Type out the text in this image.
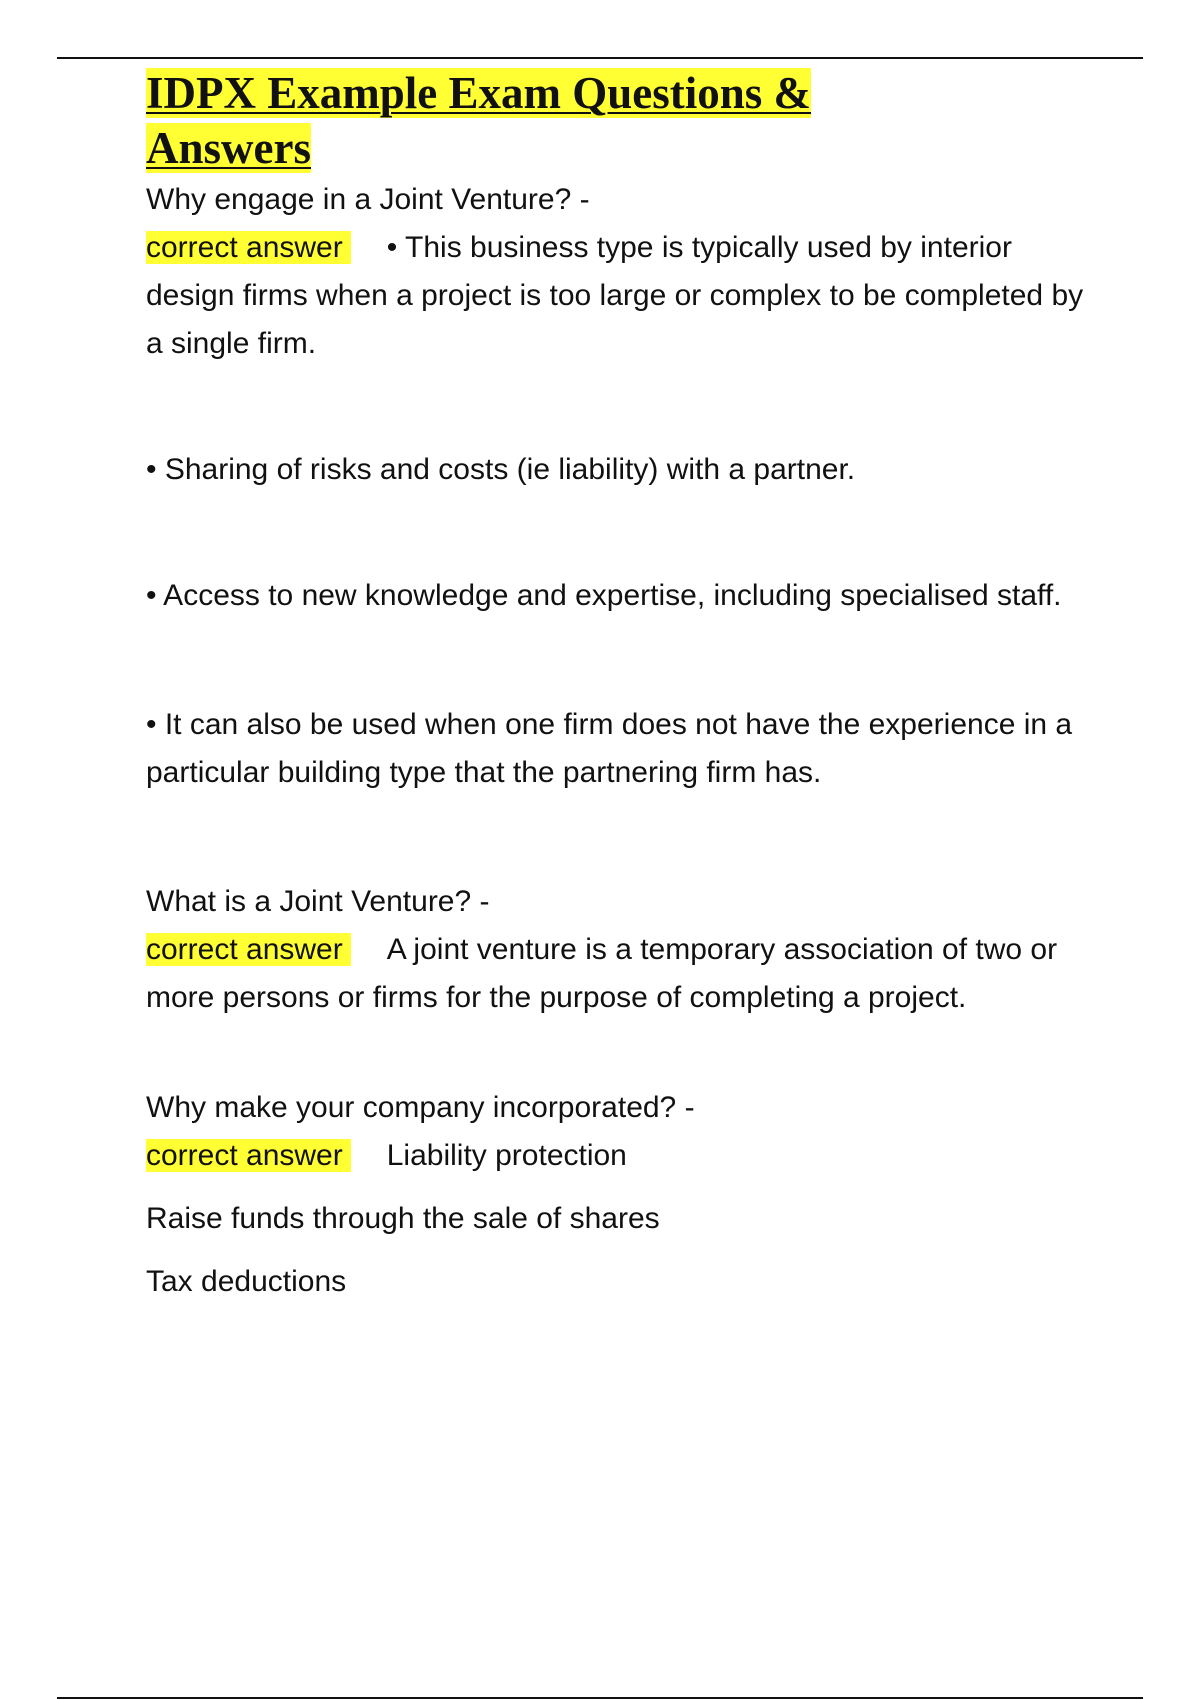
IDPX Example Exam Questions & Answers

Why engage in a Joint Venture? -

correct answer • This business type is typically used by interior design firms when a project is too large or complex to be completed by a single firm.

• Sharing of risks and costs (ie liability) with a partner.

• Access to new knowledge and expertise, including specialised staff.

• It can also be used when one firm does not have the experience in a particular building type that the partnering firm has.

What is a Joint Venture? -

correct answer A joint venture is a temporary association of two or more persons or firms for the purpose of completing a project.

Why make your company incorporated? -

correct answer Liability protection

Raise funds through the sale of shares

Tax deductions
